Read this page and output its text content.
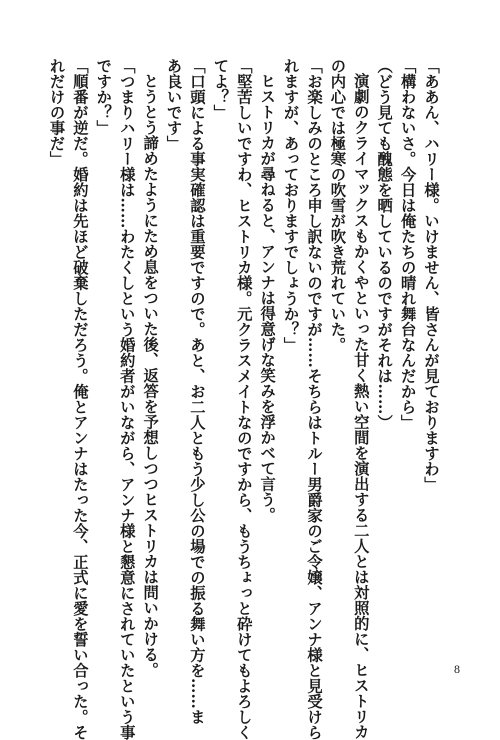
「ああん、ハリー様。いけません、皆さんが見ておりますわ」
「構わないさ。今日は俺たちの晴れ舞台なんだから」
（どう見ても醜態を晒しているのですがそれは……）
演劇のクライマックスもかくやといった甘く熱い空間を演出する二人とは対照的に、ヒストリカ
の内心では極寒の吹雪が吹き荒れていた。
「お楽しみのところ申し訳ないのですが……そちらはトルー男爵家のご令嬢、アンナ様と見受けら
れますが、あっておりますでしょうか？」
ヒストリカが尋ねると、アンナは得意げな笑みを浮かべて言う。
「堅苦しいですわ、ヒストリカ様。元クラスメイトなのですから、もうちょっと砕けてもよろしく
てよ？」
「口頭による事実確認は重要ですので。あと、お二人ともう少し公の場での振る舞い方を……ま
あ良いです」
とうとう諦めたようにため息をついた後、返答を予想しつつヒストリカは問いかける。
「つまりハリー様は……わたくしという婚約者がいながら、アンナ様と懇意にされていたという事
ですか？」
「順番が逆だ。婚約は先ほど破棄しただろう。俺とアンナはたった今、正式に愛を誓い合った。そ
れだけの事だ」
8
